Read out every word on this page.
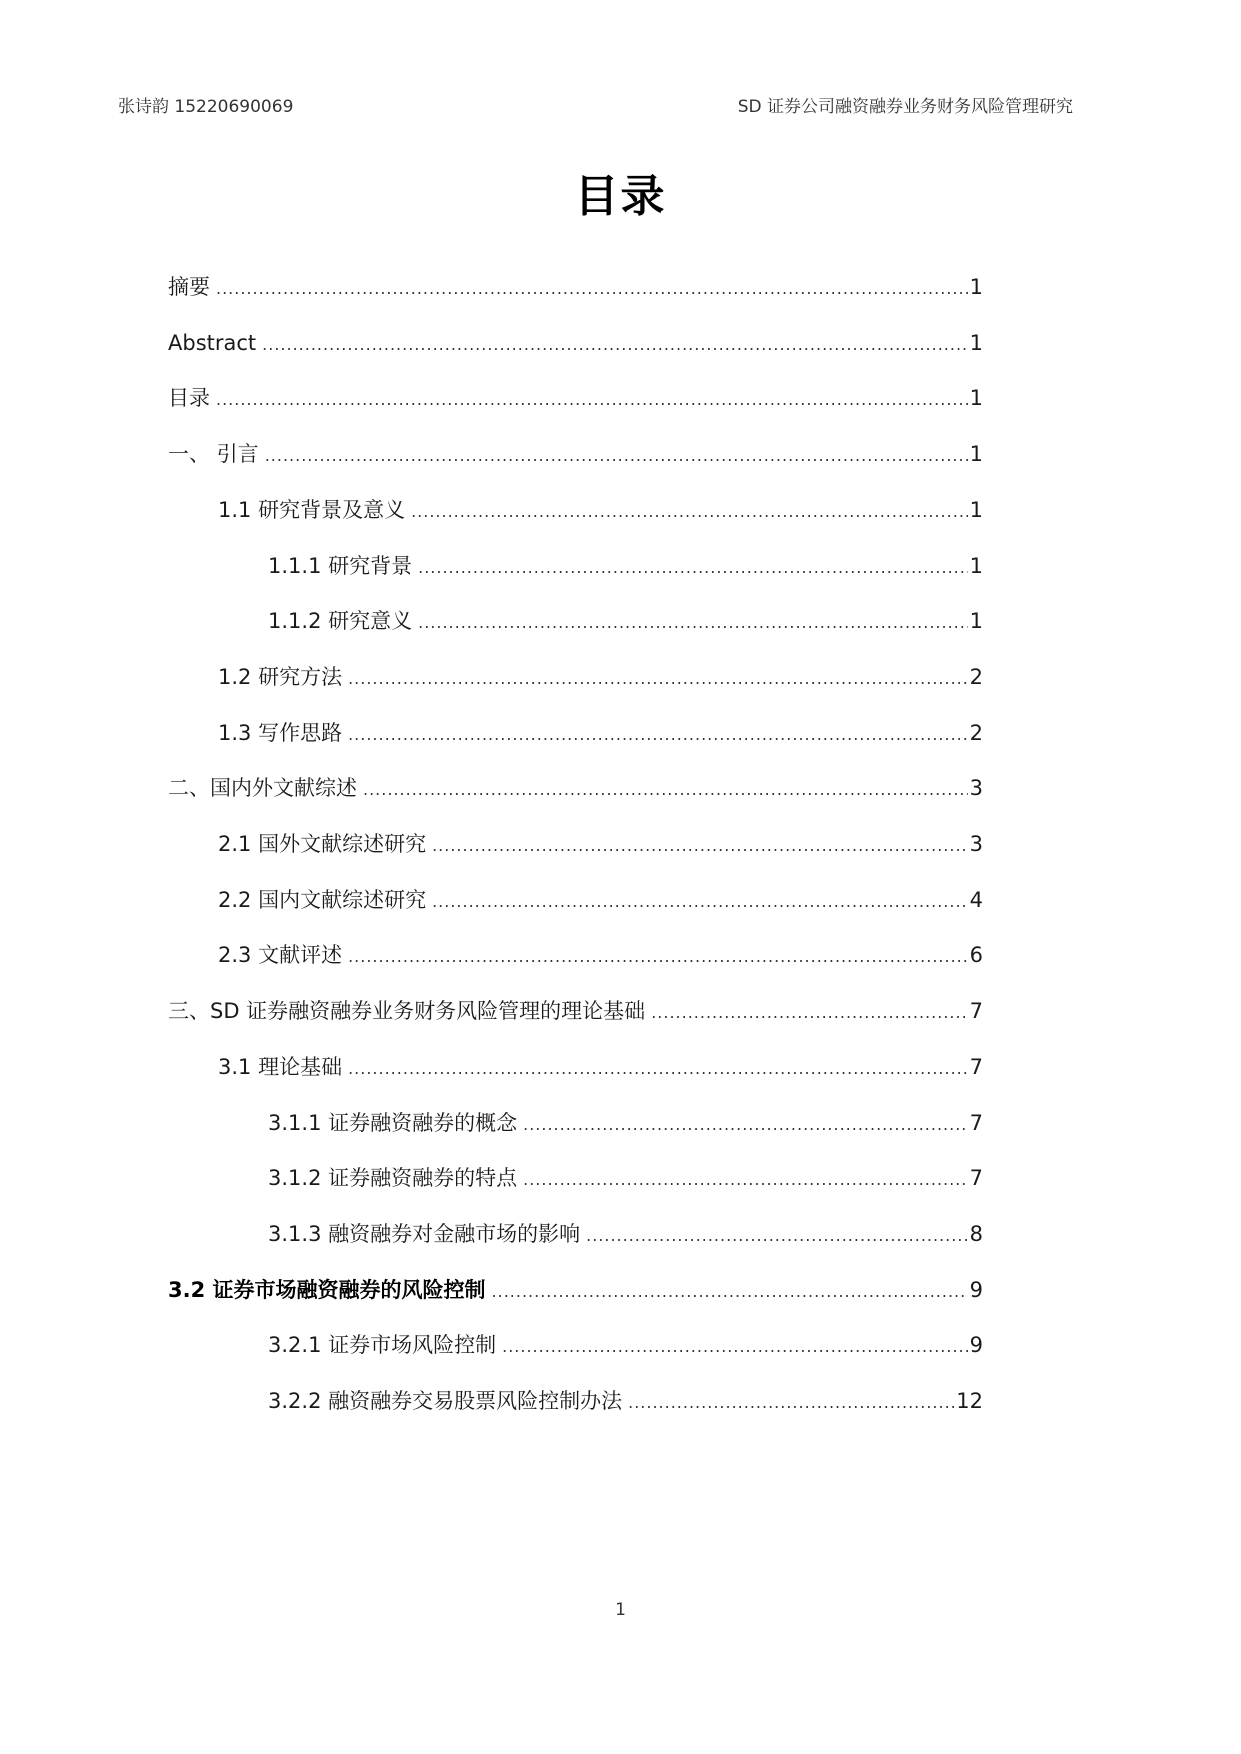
张诗韵 15220690069	SD 证券公司融资融券业务财务风险管理研究
目录
摘要 .....	1
Abstract .....	1
目录 .....	1
一、 引言 .....	1
1.1 研究背景及意义 .....	1
1.1.1 研究背景 .....	1
1.1.2 研究意义 .....	1
1.2 研究方法 .....	2
1.3 写作思路 .....	2
二、国内外文献综述 .....	3
2.1 国外文献综述研究 .....	3
2.2 国内文献综述研究 .....	4
2.3 文献评述 .....	6
三、SD 证券融资融券业务财务风险管理的理论基础 .....	7
3.1 理论基础 .....	7
3.1.1 证券融资融券的概念 .....	7
3.1.2 证券融资融券的特点 .....	7
3.1.3 融资融券对金融市场的影响 .....	8
3.2 证券市场融资融券的风险控制 .....	9
3.2.1 证券市场风险控制 .....	9
3.2.2 融资融券交易股票风险控制办法 .....	12
1
